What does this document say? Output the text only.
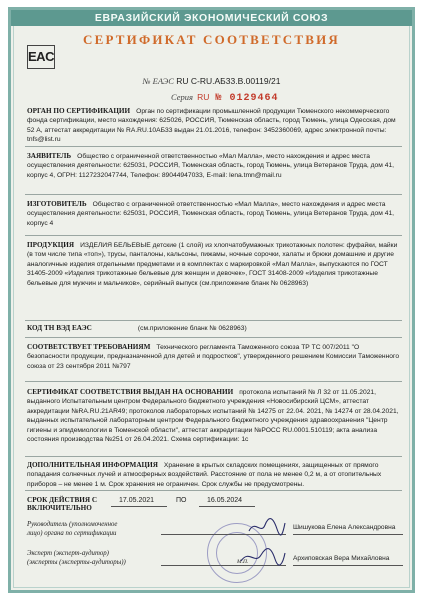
ЕВРАЗИЙСКИЙ ЭКОНОМИЧЕСКИЙ СОЮЗ
СЕРТИФИКАТ СООТВЕТСТВИЯ
EAC
№ ЕАЭС RU C-RU.АБ33.В.00119/21
Серия RU № 0129464
ОРГАН ПО СЕРТИФИКАЦИИ Орган по сертификации промышленной продукции Тюменского некоммерческого фонда сертификации, место нахождения: 625026, РОССИЯ, Тюменская область, город Тюмень, улица Одесская, дом 52 А, аттестат аккредитации № RA.RU.10АБ33 выдан 21.01.2016, телефон: 3452360069, адрес электронной почты: tnfs@list.ru
ЗАЯВИТЕЛЬ Общество с ограниченной ответственностью «Мал Малла», место нахождения и адрес места осуществления деятельности: 625031, РОССИЯ, Тюменская область, город Тюмень, улица Ветеранов Труда, дом 41, корпус 4, ОГРН: 1127232047744, Телефон: 89044947033, E-mail: lena.tmn@mail.ru
ИЗГОТОВИТЕЛЬ Общество с ограниченной ответственностью «Мал Малла», место нахождения и адрес места осуществления деятельности: 625031, РОССИЯ, Тюменская область, город Тюмень, улица Ветеранов Труда, дом 41, корпус 4
ПРОДУКЦИЯ ИЗДЕЛИЯ БЕЛЬЕВЫЕ детские (1 слой) из хлопчатобумажных трикотажных полотен: фуфайки, майки (в том числе типа «топ»), трусы, панталоны, кальсоны, пижамы, ночные сорочки, халаты и брюки домашние и другие аналогичные изделия отдельными предметами и в комплектах с маркировкой «Мал Малла», выпускаются по ГОСТ 31405-2009 «Изделия трикотажные бельевые для женщин и девочек», ГОСТ 31408-2009 «Изделия трикотажные бельевые для мужчин и мальчиков», серийный выпуск (см.приложение бланк № 0628963)
КОД ТН ВЭД ЕАЭС	(см.приложение бланк № 0628963)
СООТВЕТСТВУЕТ ТРЕБОВАНИЯМ Технического регламента Таможенного союза ТР ТС 007/2011 "О безопасности продукции, предназначенной для детей и подростков", утвержденного решением Комиссии Таможенного союза от 23 сентября 2011 №797
СЕРТИФИКАТ СООТВЕТСТВИЯ ВЫДАН НА ОСНОВАНИИ протокола испытаний № Л 32 от 11.05.2021, выданного Испытательным центром Федерального бюджетного учреждения «Новосибирский ЦСМ», аттестат аккредитации №RA.RU.21AR49; протоколов лабораторных испытаний № 14275 от 22.04. 2021, № 14274 от 28.04.2021, выданных испытательной лабораторным центром Федерального бюджетного учреждения здравоохранения "Центр гигиены и эпидемиологии в Тюменской области", аттестат аккредитации №РОСС RU.0001.510119; акта анализа состояния производства №251 от 26.04.2021. Схема сертификации: 1с
ДОПОЛНИТЕЛЬНАЯ ИНФОРМАЦИЯ Хранение в крытых складских помещениях, защищенных от прямого попадания солнечных лучей и атмосферных воздействий. Расстояние от пола не менее 0,2 м, а от отопительных приборов – не менее 1 м. Срок хранения не ограничен. Срок службы не предусмотрены.
СРОК ДЕЙСТВИЯ С
ВКЛЮЧИТЕЛЬНО
17.05.2021	ПО	16.05.2024
М.П.
Руководитель (уполномоченное
лицо) органа по сертификации
Шишукова Елена Александровна
Эксперт (эксперт-аудитор)
(эксперты (эксперты-аудиторы))
Архиповская Вера Михайловна
